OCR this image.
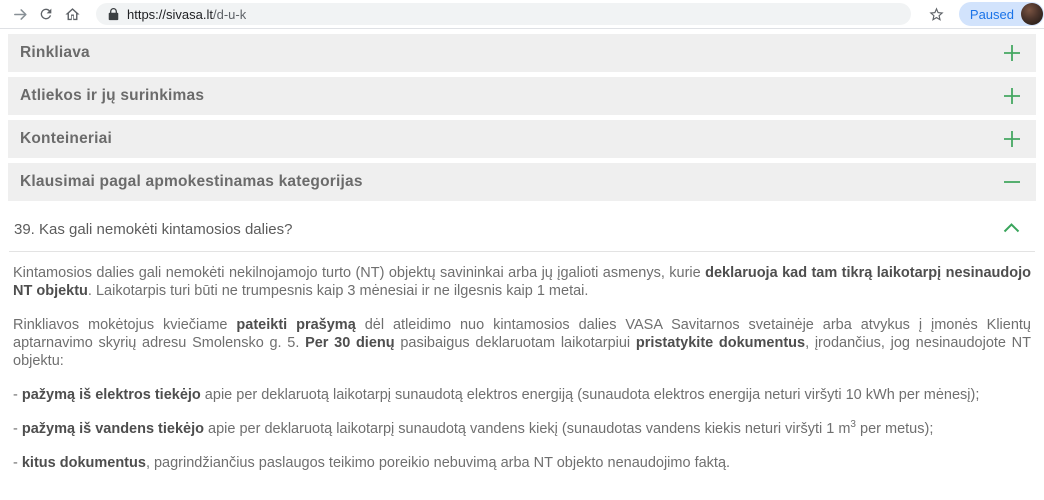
https://sivasa.lt/d-u-k	Paused
Rinkliava
Atliekos ir jų surinkimas
Konteineriai
Klausimai pagal apmokestinamas kategorijas
39. Kas gali nemokėti kintamosios dalies?

Kintamosios dalies gali nemokėti nekilnojamojo turto (NT) objektų savininkai arba jų įgalioti asmenys, kurie deklaruoja kad tam tikrą laikotarpį nesinaudojo NT objektu. Laikotarpis turi būti ne trumpesnis kaip 3 mėnesiai ir ne ilgesnis kaip 1 metai.

Rinkliavos mokėtojus kviečiame pateikti prašymą dėl atleidimo nuo kintamosios dalies VASA Savitarnos svetainėje arba atvykus į įmonės Klientų aptarnavimo skyrių adresu Smolensko g. 5. Per 30 dienų pasibaigus deklaruotam laikotarpiui pristatykite dokumentus, įrodančius, jog nesinaudojote NT objektu:

- pažymą iš elektros tiekėjo apie per deklaruotą laikotarpį sunaudotą elektros energiją (sunaudota elektros energija neturi viršyti 10 kWh per mėnesį);

- pažymą iš vandens tiekėjo apie per deklaruotą laikotarpį sunaudotą vandens kiekį (sunaudotas vandens kiekis neturi viršyti 1 $m^3$ per metus);

- kitus dokumentus, pagrindžiančius paslaugos teikimo poreikio nebuvimą arba NT objekto nenaudojimo faktą.
